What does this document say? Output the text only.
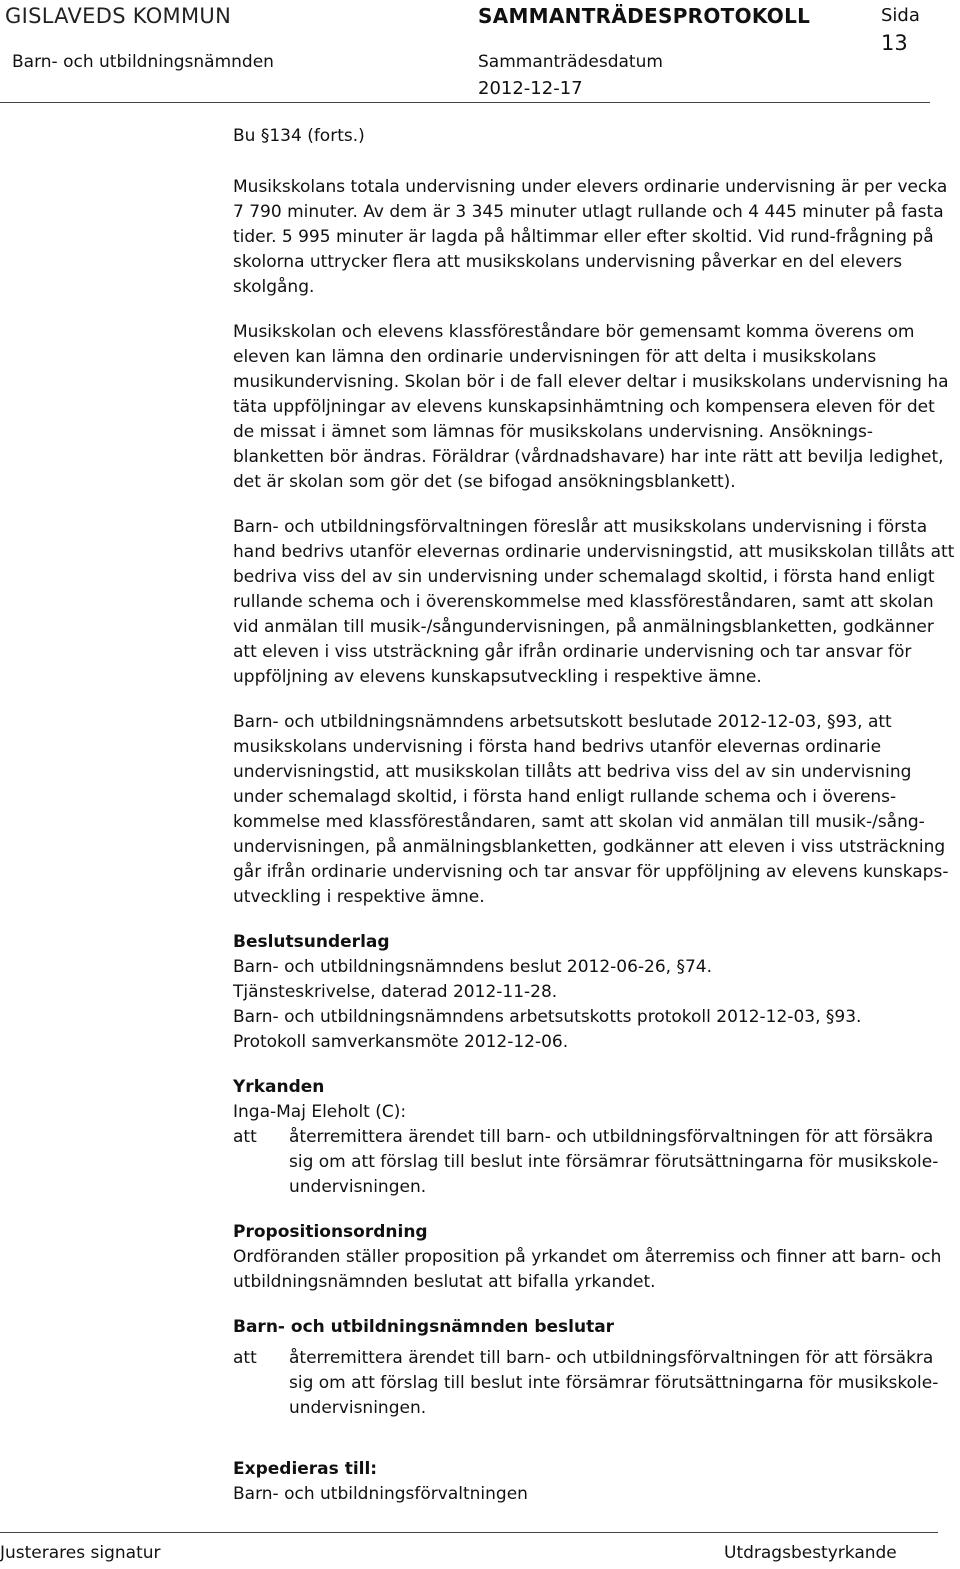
GISLAVEDS KOMMUN	SAMMANTRÄDESPROTOKOLL	Sida
13
Barn- och utbildningsnämnden	Sammanträdesdatum
2012-12-17

Bu §134 (forts.)

Musikskolans totala undervisning under elevers ordinarie undervisning är per vecka 7 790 minuter. Av dem är 3 345 minuter utlagt rullande och 4 445 minuter på fasta tider. 5 995 minuter är lagda på håltimmar eller efter skoltid. Vid rund-frågning på skolorna uttrycker flera att musikskolans undervisning påverkar en del elevers skolgång.

Musikskolan och elevens klassföreståndare bör gemensamt komma överens om eleven kan lämna den ordinarie undervisningen för att delta i musikskolans musikundervisning. Skolan bör i de fall elever deltar i musikskolans undervisning ha täta uppföljningar av elevens kunskapsinhämtning och kompensera eleven för det de missat i ämnet som lämnas för musikskolans undervisning. Ansöknings-blanketten bör ändras. Föräldrar (vårdnadshavare) har inte rätt att bevilja ledighet, det är skolan som gör det (se bifogad ansökningsblankett).

Barn- och utbildningsförvaltningen föreslår att musikskolans undervisning i första hand bedrivs utanför elevernas ordinarie undervisningstid, att musikskolan tillåts att bedriva viss del av sin undervisning under schemalagd skoltid, i första hand enligt rullande schema och i överenskommelse med klassföreståndaren, samt att skolan vid anmälan till musik-/sångundervisningen, på anmälningsblanketten, godkänner att eleven i viss utsträckning går ifrån ordinarie undervisning och tar ansvar för uppföljning av elevens kunskapsutveckling i respektive ämne.

Barn- och utbildningsnämndens arbetsutskott beslutade 2012-12-03, §93, att musikskolans undervisning i första hand bedrivs utanför elevernas ordinarie undervisningstid, att musikskolan tillåts att bedriva viss del av sin undervisning under schemalagd skoltid, i första hand enligt rullande schema och i överens-kommelse med klassföreståndaren, samt att skolan vid anmälan till musik-/sång-undervisningen, på anmälningsblanketten, godkänner att eleven i viss utsträckning går ifrån ordinarie undervisning och tar ansvar för uppföljning av elevens kunskaps-utveckling i respektive ämne.

Beslutsunderlag

Barn- och utbildningsnämndens beslut 2012-06-26, §74.

Tjänsteskrivelse, daterad 2012-11-28.

Barn- och utbildningsnämndens arbetsutskotts protokoll 2012-12-03, §93.

Protokoll samverkansmöte 2012-12-06.

Yrkanden

Inga-Maj Eleholt (C):

att	återremittera ärendet till barn- och utbildningsförvaltningen för att försäkra sig om att förslag till beslut inte försämrar förutsättningarna för musikskole-undervisningen.

Propositionsordning

Ordföranden ställer proposition på yrkandet om återremiss och finner att barn- och utbildningsnämnden beslutat att bifalla yrkandet.

Barn- och utbildningsnämnden beslutar

att	återremittera ärendet till barn- och utbildningsförvaltningen för att försäkra sig om att förslag till beslut inte försämrar förutsättningarna för musikskole-undervisningen.

Expedieras till:

Barn- och utbildningsförvaltningen

Justerares signatur	Utdragsbestyrkande
